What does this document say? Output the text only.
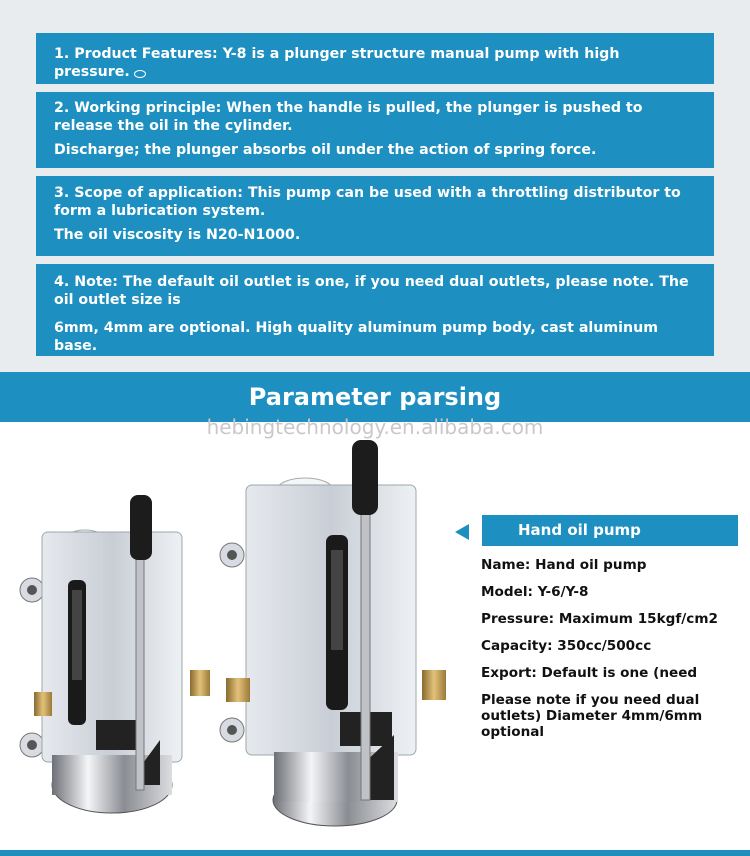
1. Product Features: Y-8 is a plunger structure manual pump with high pressure.

2. Working principle: When the handle is pulled, the plunger is pushed to release the oil in the cylinder.

Discharge; the plunger absorbs oil under the action of spring force.

3. Scope of application: This pump can be used with a throttling distributor to form a lubrication system.

The oil viscosity is N20-N1000.

4. Note: The default oil outlet is one, if you need dual outlets, please note. The oil outlet size is

6mm, 4mm are optional. High quality aluminum pump body, cast aluminum base.

Parameter parsing
hebingtechnology.en.alibaba.com
Hand oil pump
Name: Hand oil pump
Model: Y-6/Y-8
Pressure: Maximum 15kgf/cm2
Capacity: 350cc/500cc
Export: Default is one (need
Please note if you need dual outlets) Diameter 4mm/6mm optional
